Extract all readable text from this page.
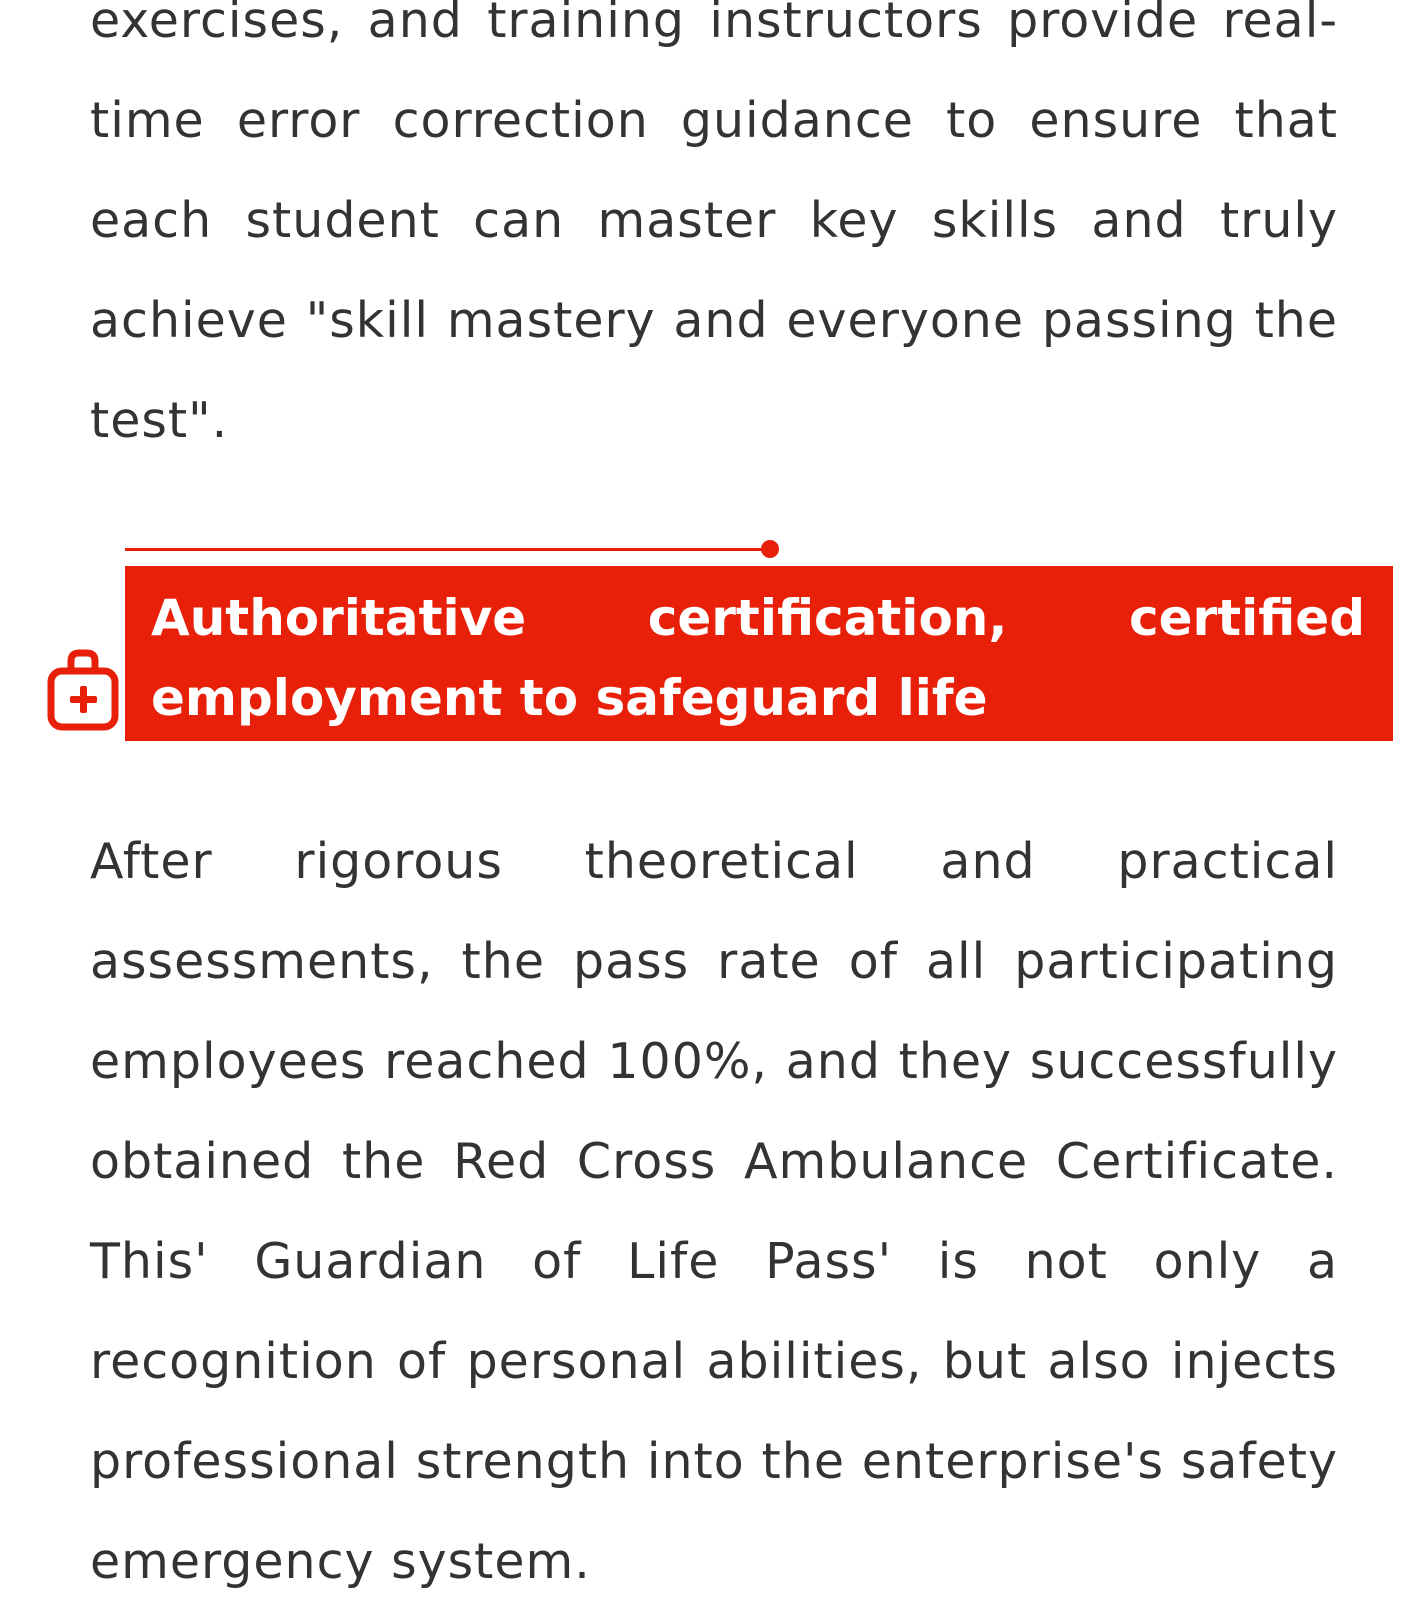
exercises, and training instructors provide real-time error correction guidance to ensure that each student can master key skills and truly achieve "skill mastery and everyone passing the test".

Authoritative certification, certified employment to safeguard life

After rigorous theoretical and practical assessments, the pass rate of all participating employees reached 100%, and they successfully obtained the Red Cross Ambulance Certificate. This' Guardian of Life Pass' is not only a recognition of personal abilities, but also injects professional strength into the enterprise's safety emergency system.
